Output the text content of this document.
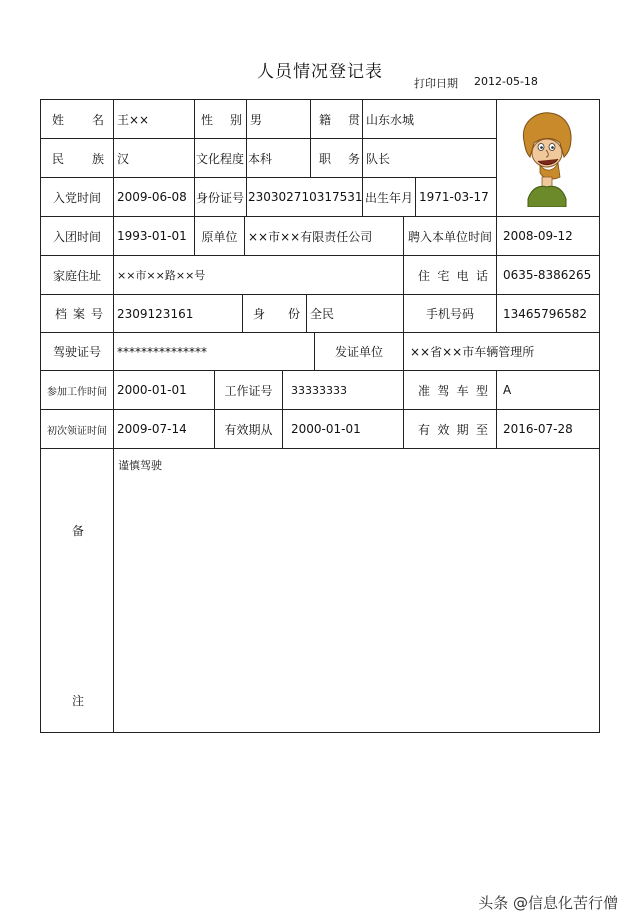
人员情况登记表
打印日期 2012-05-18
姓 名 王××	性 别 男	籍 贯 山东水城
民 族 汉	文化程度 本科	职 务 队长
入党时间	2009-06-08 身份证号 230302710317531 出生年月 1971-03-17
入团时间	1993-01-01	原单位 ××市××有限责任公司	聘入本单位时间 2008-09-12
家庭住址	××市××路××号	住 宅 电 话	0635-8386265
档 案 号 2309123161	身 份 全民	手机号码	13465796582
驾驶证号	***************	发证单位	××省××市车辆管理所
参加工作时间 2000-01-01	工作证号	33333333	准 驾 车 型	A
初次领证时间 2009-07-14	有效期从	2000-01-01	有 效 期 至	2016-07-28
备
注
谨慎驾驶
头条 @信息化苦行僧
